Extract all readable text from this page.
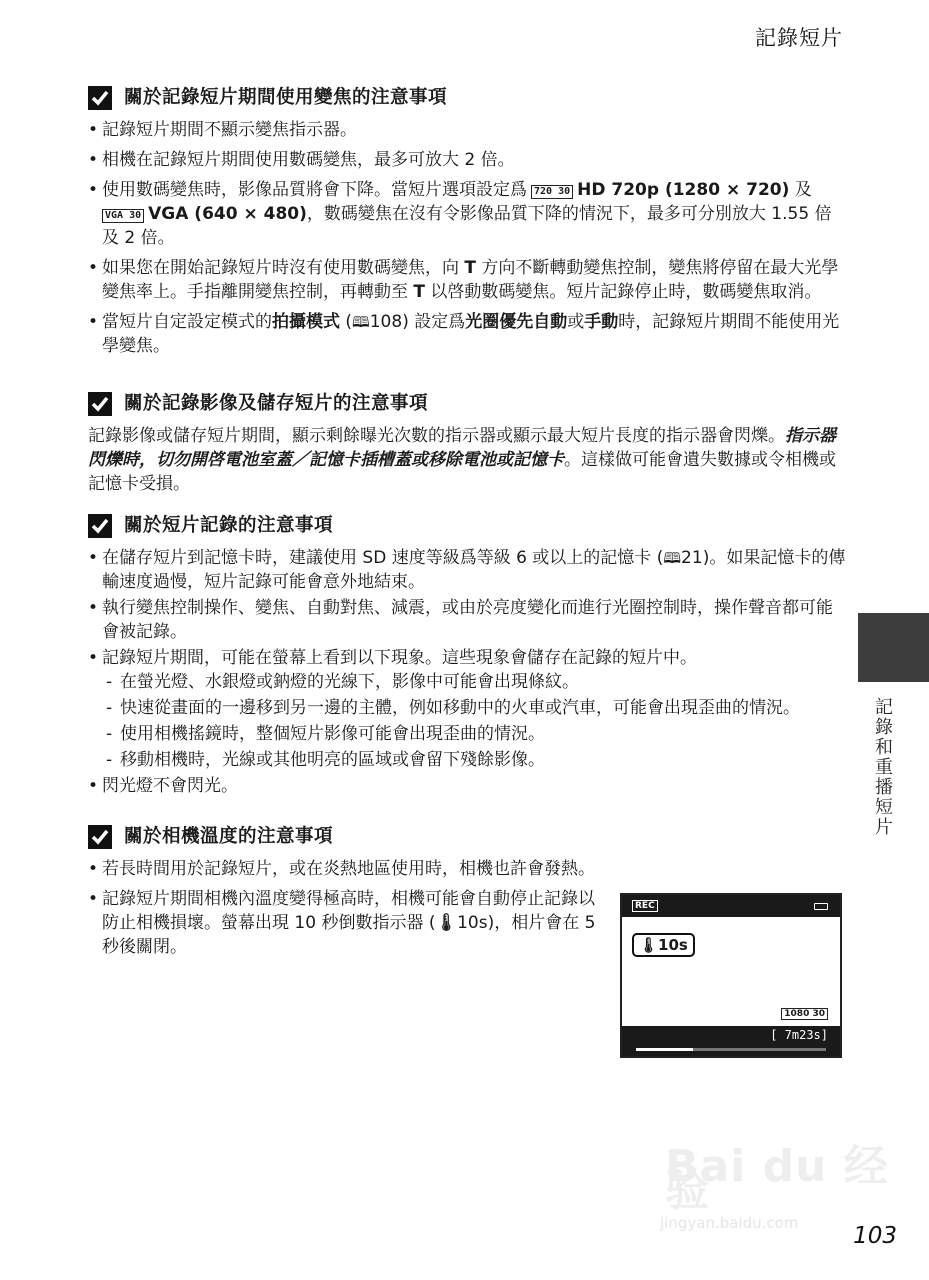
記錄短片
關於記錄短片期間使用變焦的注意事項
• 記錄短片期間不顯示變焦指示器。
• 相機在記錄短片期間使用數碼變焦，最多可放大 2 倍。
• 使用數碼變焦時，影像品質將會下降。當短片選項設定爲 720 30 HD 720p (1280 × 720) 及
VGA 30 VGA (640 × 480)，數碼變焦在沒有令影像品質下降的情況下，最多可分別放大 1.55 倍及 2 倍。
• 如果您在開始記錄短片時沒有使用數碼變焦，向 T 方向不斷轉動變焦控制，變焦將停留在最大光學變焦率上。手指離開變焦控制，再轉動至 T 以啓動數碼變焦。短片記錄停止時，數碼變焦取消。
• 當短片自定設定模式的拍攝模式 (🕮108) 設定爲光圈優先自動或手動時，記錄短片期間不能使用光學變焦。
關於記錄影像及儲存短片的注意事項

記錄影像或儲存短片期間，顯示剩餘曝光次數的指示器或顯示最大短片長度的指示器會閃爍。指示器閃爍時，切勿開啓電池室蓋／記憶卡插槽蓋或移除電池或記憶卡。這樣做可能會遺失數據或令相機或記憶卡受損。

關於短片記錄的注意事項
• 在儲存短片到記憶卡時，建議使用 SD 速度等級爲等級 6 或以上的記憶卡 (🕮21)。如果記憶卡的傳輸速度過慢，短片記錄可能會意外地結束。
• 執行變焦控制操作、變焦、自動對焦、減震，或由於亮度變化而進行光圈控制時，操作聲音都可能會被記錄。
• 記錄短片期間，可能在螢幕上看到以下現象。這些現象會儲存在記錄的短片中。
- 在螢光燈、水銀燈或鈉燈的光線下，影像中可能會出現條紋。
- 快速從畫面的一邊移到另一邊的主體，例如移動中的火車或汽車，可能會出現歪曲的情況。
- 使用相機搖鏡時，整個短片影像可能會出現歪曲的情況。
- 移動相機時，光線或其他明亮的區域或會留下殘餘影像。
• 閃光燈不會閃光。
關於相機溫度的注意事項
• 若長時間用於記錄短片，或在炎熱地區使用時，相機也許會發熱。
• 記錄短片期間相機內溫度變得極高時，相機可能會自動停止記錄以防止相機損壞。螢幕出現 10 秒倒數指示器 (🌡10s)，相片會在 5 秒後關閉。
REC
🌡10s
1080 30
[ 7m23s]
記錄和重播短片
Bai du 经验
jingyan.baidu.com 103
